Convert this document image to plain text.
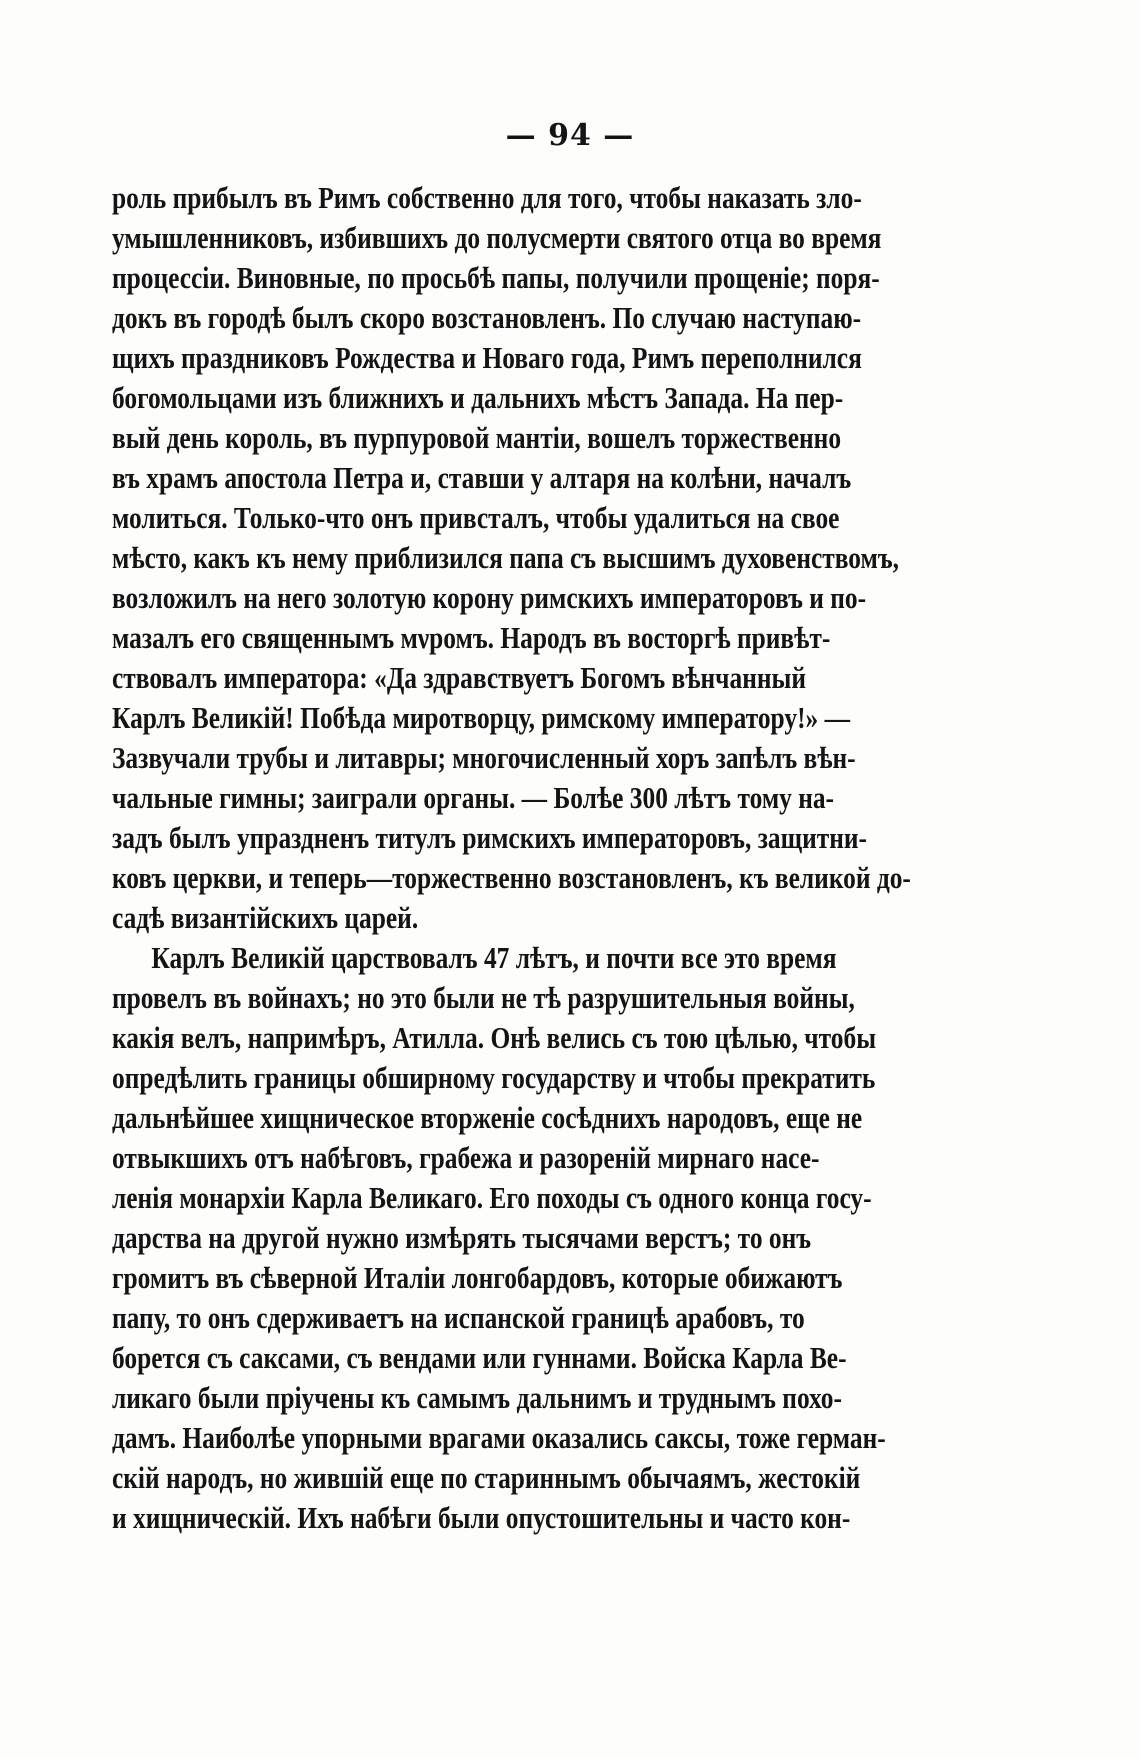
— 94 —
роль прибылъ въ Римъ собственно для того, чтобы наказать зло-
умышленниковъ, избившихъ до полусмерти святого отца во время
процессіи. Виновные, по просьбѣ папы, получили прощеніе; поря-
докъ въ городѣ былъ скоро возстановленъ. По случаю наступаю-
щихъ праздниковъ Рождества и Новаго года, Римъ переполнился
богомольцами изъ ближнихъ и дальнихъ мѣстъ Запада. На пер-
вый день король, въ пурпуровой мантіи, вошелъ торжественно
въ храмъ апостола Петра и, ставши у алтаря на колѣни, началъ
молиться. Только-что онъ привсталъ, чтобы удалиться на свое
мѣсто, какъ къ нему приблизился папа съ высшимъ духовенствомъ,
возложилъ на него золотую корону римскихъ императоровъ и по-
мазалъ его священнымъ мνромъ. Народъ въ восторгѣ привѣт-
ствовалъ императора: «Да здравствуетъ Богомъ вѣнчанный
Карлъ Великій! Побѣда миротворцу, римскому императору!» —
Зазвучали трубы и литавры; многочисленный хоръ запѣлъ вѣн-
чальные гимны; заиграли органы. — Болѣе 300 лѣтъ тому на-
задъ былъ упраздненъ титулъ римскихъ императоровъ, защитни-
ковъ церкви, и теперь—торжественно возстановленъ, къ великой до-
садѣ византійскихъ царей.
Карлъ Великій царствовалъ 47 лѣтъ, и почти все это время
провелъ въ войнахъ; но это были не тѣ разрушительныя войны,
какія велъ, напримѣръ, Атилла. Онѣ велись съ тою цѣлью, чтобы
опредѣлить границы обширному государству и чтобы прекратить
дальнѣйшее хищническое вторженіе сосѣднихъ народовъ, еще не
отвыкшихъ отъ набѣговъ, грабежа и разореній мирнаго насе-
ленія монархіи Карла Великаго. Его походы съ одного конца госу-
дарства на другой нужно измѣрять тысячами верстъ; то онъ
громитъ въ сѣверной Италіи лонгобардовъ, которые обижаютъ
папу, то онъ сдерживаетъ на испанской границѣ арабовъ, то
борется съ саксами, съ вендами или гуннами. Войска Карла Ве-
ликаго были пріучены къ самымъ дальнимъ и труднымъ похо-
дамъ. Наиболѣе упорными врагами оказались саксы, тоже герман-
скій народъ, но жившій еще по стариннымъ обычаямъ, жестокій
и хищническій. Ихъ набѣги были опустошительны и часто кон-
